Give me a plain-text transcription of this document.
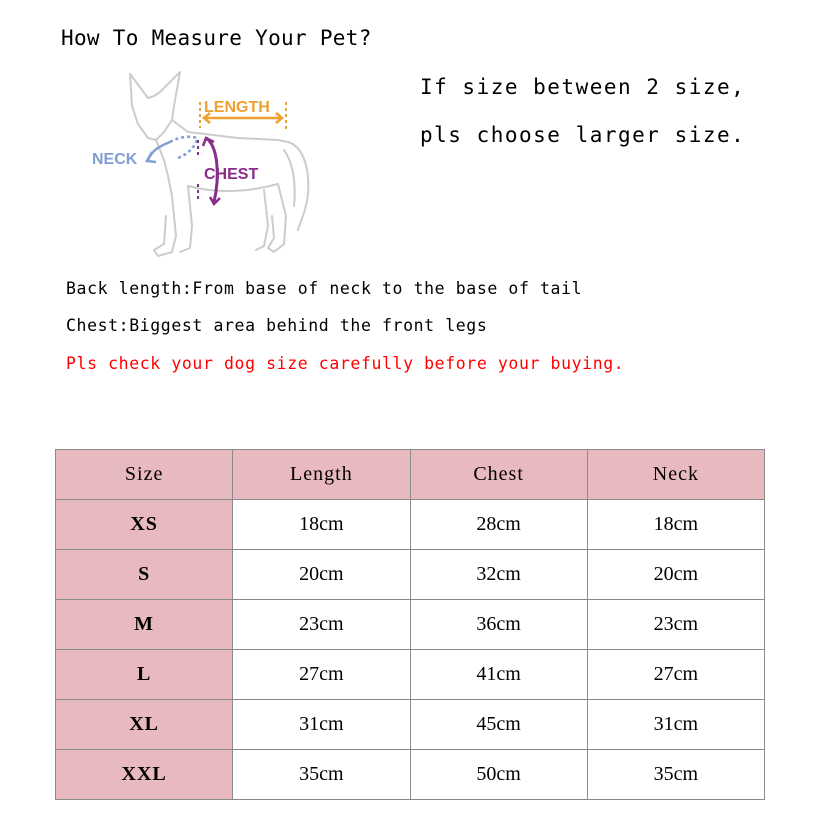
How To Measure Your Pet?
If size between 2 size,
pls choose larger size.
LENGTH
NECK
CHEST
Back length:From base of neck to the base of tail
Chest:Biggest area behind the front legs
Pls check your dog size carefully before your buying.
Size	Length	Chest	Neck
XS	18cm	28cm	18cm
S	20cm	32cm	20cm
M	23cm	36cm	23cm
L	27cm	41cm	27cm
XL	31cm	45cm	31cm
XXL	35cm	50cm	35cm
